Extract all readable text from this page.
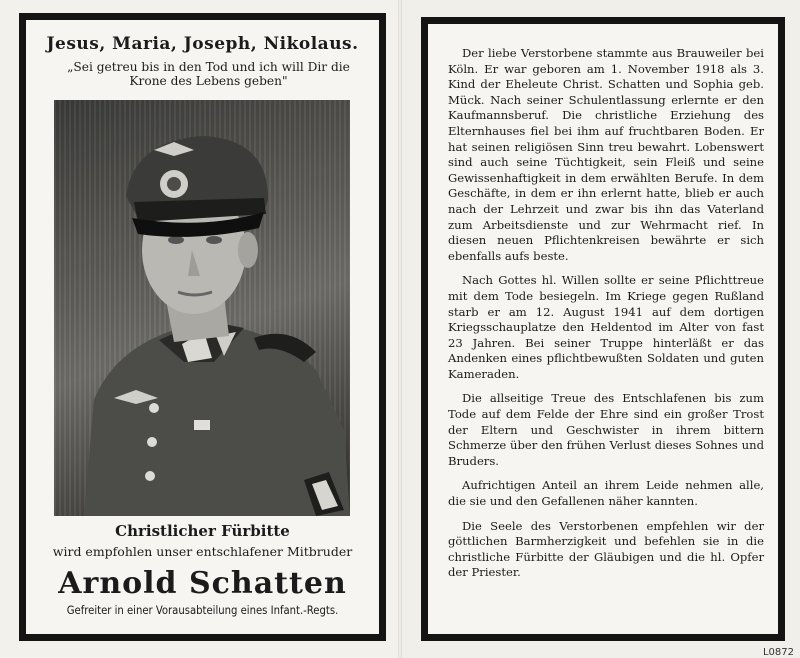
Jesus, Maria, Joseph, Nikolaus.
„Sei getreu bis in den Tod und ich will Dir die Krone des Lebens geben"
Christlicher Fürbitte
wird empfohlen unser entschlafener Mitbruder
Arnold Schatten
Gefreiter in einer Vorausabteilung eines Infant.-Regts.

Der liebe Verstorbene stammte aus Brauweiler bei Köln. Er war geboren am 1. November 1918 als 3. Kind der Eheleute Christ. Schatten und Sophia geb. Mück. Nach seiner Schulentlassung erlernte er den Kaufmannsberuf. Die christliche Erziehung des Elternhauses fiel bei ihm auf fruchtbaren Boden. Er hat seinen religiösen Sinn treu bewahrt. Lobenswert sind auch seine Tüchtigkeit, sein Fleiß und seine Gewissenhaftigkeit in dem erwählten Berufe. In dem Geschäfte, in dem er ihn erlernt hatte, blieb er auch nach der Lehrzeit und zwar bis ihn das Vaterland zum Arbeitsdienste und zur Wehrmacht rief. In diesen neuen Pflichtenkreisen bewährte er sich ebenfalls aufs beste.

Nach Gottes hl. Willen sollte er seine Pflichttreue mit dem Tode besiegeln. Im Kriege gegen Rußland starb er am 12. August 1941 auf dem dortigen Kriegsschauplatze den Heldentod im Alter von fast 23 Jahren. Bei seiner Truppe hinterläßt er das Andenken eines pflichtbewußten Soldaten und guten Kameraden.

Die allseitige Treue des Entschlafenen bis zum Tode auf dem Felde der Ehre sind ein großer Trost der Eltern und Geschwister in ihrem bittern Schmerze über den frühen Verlust dieses Sohnes und Bruders.

Aufrichtigen Anteil an ihrem Leide nehmen alle, die sie und den Gefallenen näher kannten.

Die Seele des Verstorbenen empfehlen wir der göttlichen Barmherzigkeit und befehlen sie in die christliche Fürbitte der Gläubigen und die hl. Opfer der Priester.

L0872
